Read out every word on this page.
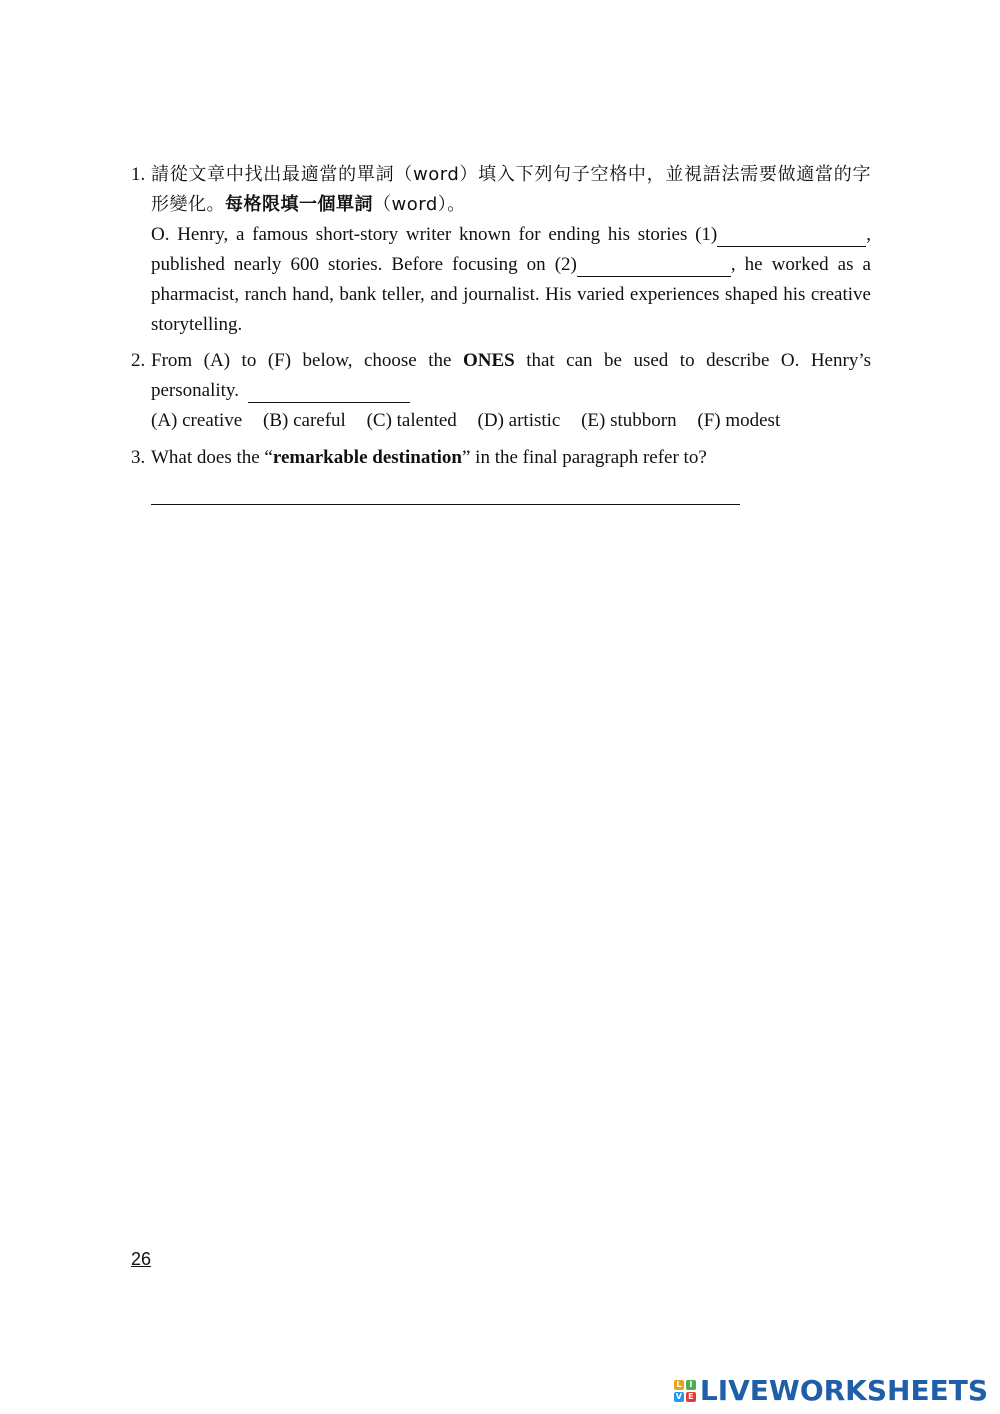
1. 請從文章中找出最適當的單詞（word）填入下列句子空格中，並視語法需要做適當的字形變化。每格限填一個單詞（word）。
O. Henry, a famous short-story writer known for ending his stories (1)	, published nearly 600 stories. Before focusing on (2)	, he worked as a pharmacist, ranch hand, bank teller, and journalist. His varied experiences shaped his creative storytelling.
2. From (A) to (F) below, choose the ONES that can be used to describe O. Henry’s personality.
(A) creative (B) careful (C) talented (D) artistic (E) stubborn (F) modest
3. What does the “remarkable destination” in the final paragraph refer to?
26
L I
V E LIVEWORKSHEETS
